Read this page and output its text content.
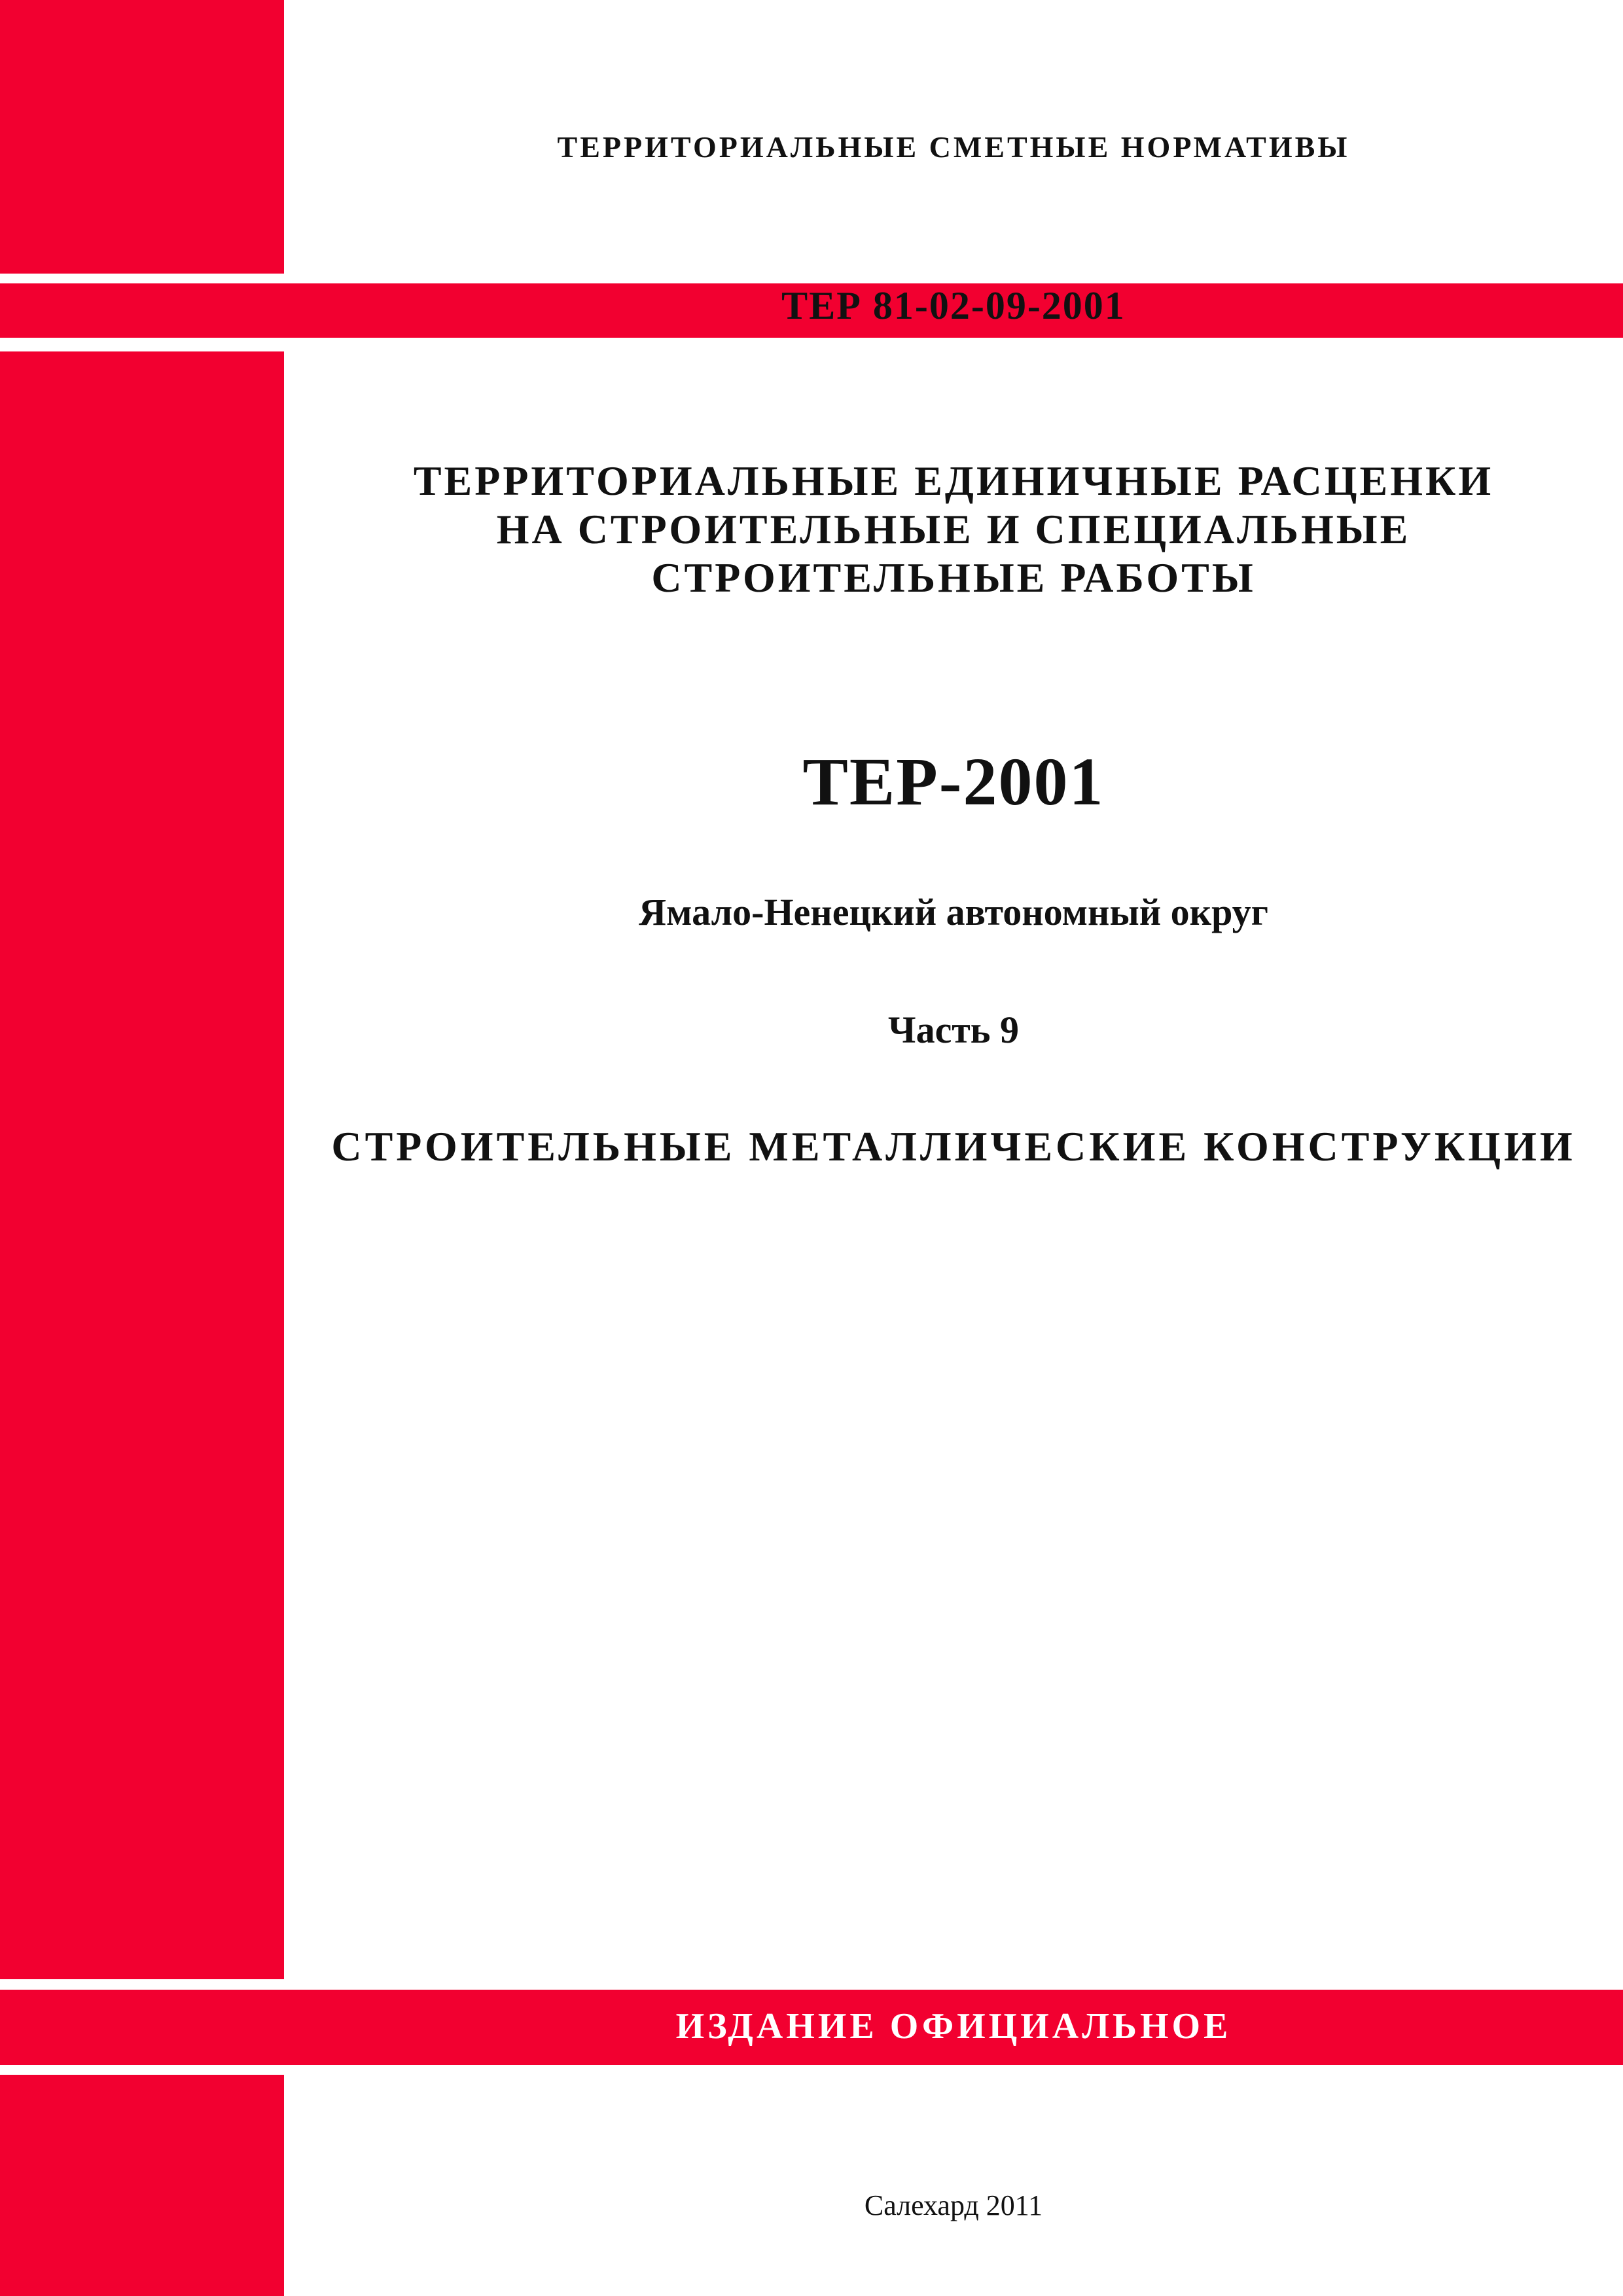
ТЕРРИТОРИАЛЬНЫЕ СМЕТНЫЕ НОРМАТИВЫ
ТЕР 81-02-09-2001
ТЕРРИТОРИАЛЬНЫЕ ЕДИНИЧНЫЕ РАСЦЕНКИ
НА СТРОИТЕЛЬНЫЕ И СПЕЦИАЛЬНЫЕ
СТРОИТЕЛЬНЫЕ РАБОТЫ
ТЕР-2001
Ямало-Ненецкий автономный округ
Часть 9
СТРОИТЕЛЬНЫЕ МЕТАЛЛИЧЕСКИЕ КОНСТРУКЦИИ
ИЗДАНИЕ ОФИЦИАЛЬНОЕ
Салехард 2011
